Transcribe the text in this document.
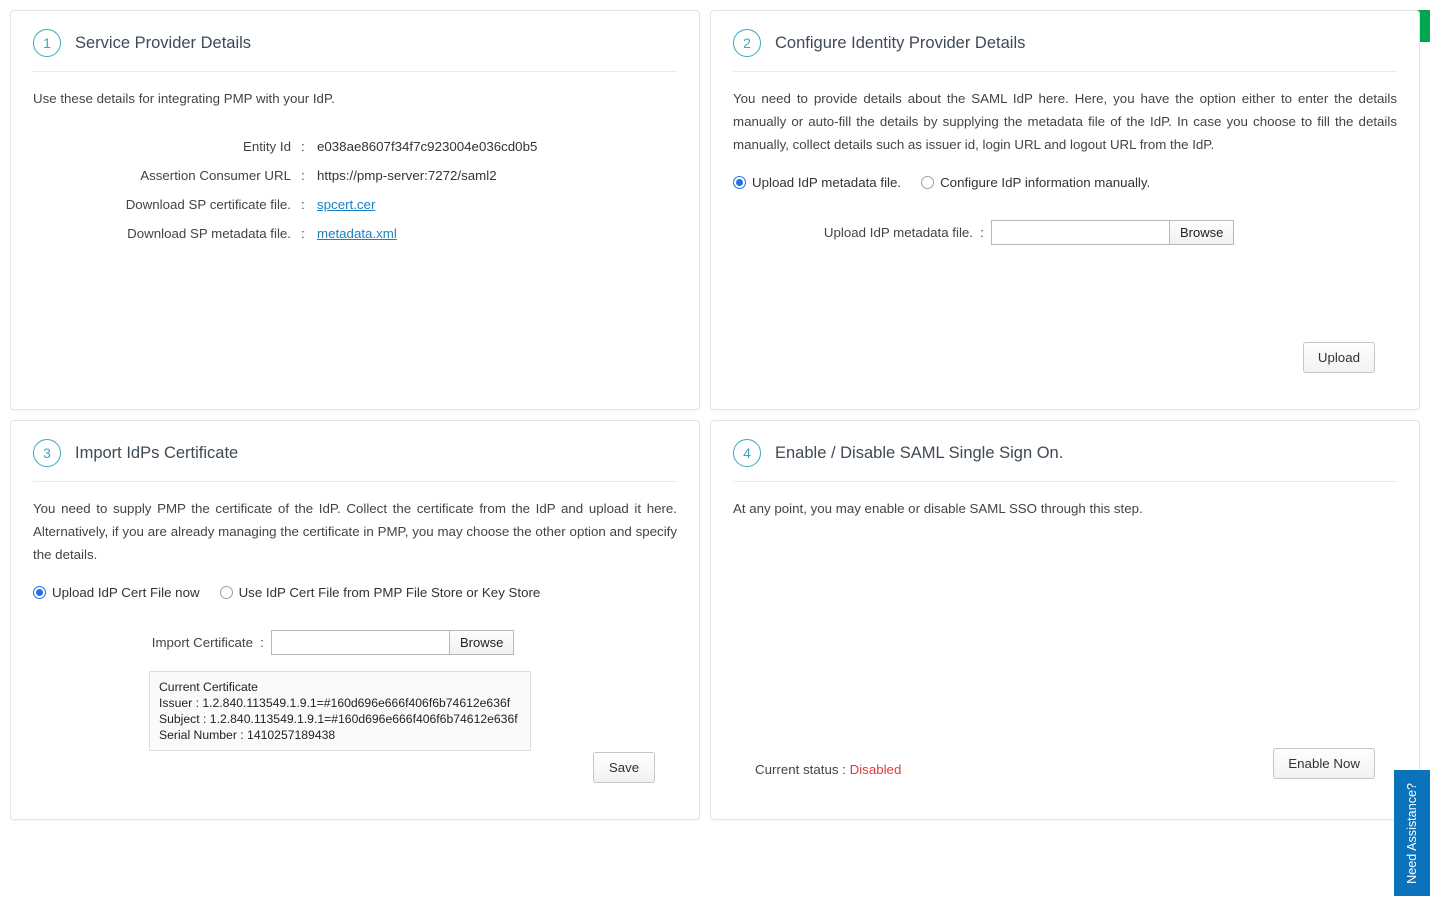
1	Service Provider Details
Use these details for integrating PMP with your IdP.
Entity Id : e038ae8607f34f7c923004e036cd0b5
Assertion Consumer URL : https://pmp-server:7272/saml2
Download SP certificate file. : spcert.cer
Download SP metadata file. : metadata.xml
2	Configure Identity Provider Details
You need to provide details about the SAML IdP here. Here, you have the option either to enter the details manually or auto-fill the details by supplying the metadata file of the IdP. In case you choose to fill the details manually, collect details such as issuer id, login URL and logout URL from the IdP.
Upload IdP metadata file.	Configure IdP information manually.
Upload IdP metadata file. :	Browse
Upload
3	Import IdPs Certificate
You need to supply PMP the certificate of the IdP. Collect the certificate from the IdP and upload it here. Alternatively, if you are already managing the certificate in PMP, you may choose the other option and specify the details.
Upload IdP Cert File now	Use IdP Cert File from PMP File Store or Key Store
Import Certificate :	Browse
Current Certificate
Issuer : 1.2.840.113549.1.9.1=#160d696e666f406f6b74612e636f
Subject : 1.2.840.113549.1.9.1=#160d696e666f406f6b74612e636f
Serial Number : 1410257189438
Save
4	Enable / Disable SAML Single Sign On.
At any point, you may enable or disable SAML SSO through this step.
Current status : Disabled	Enable Now
Need Assistance?
